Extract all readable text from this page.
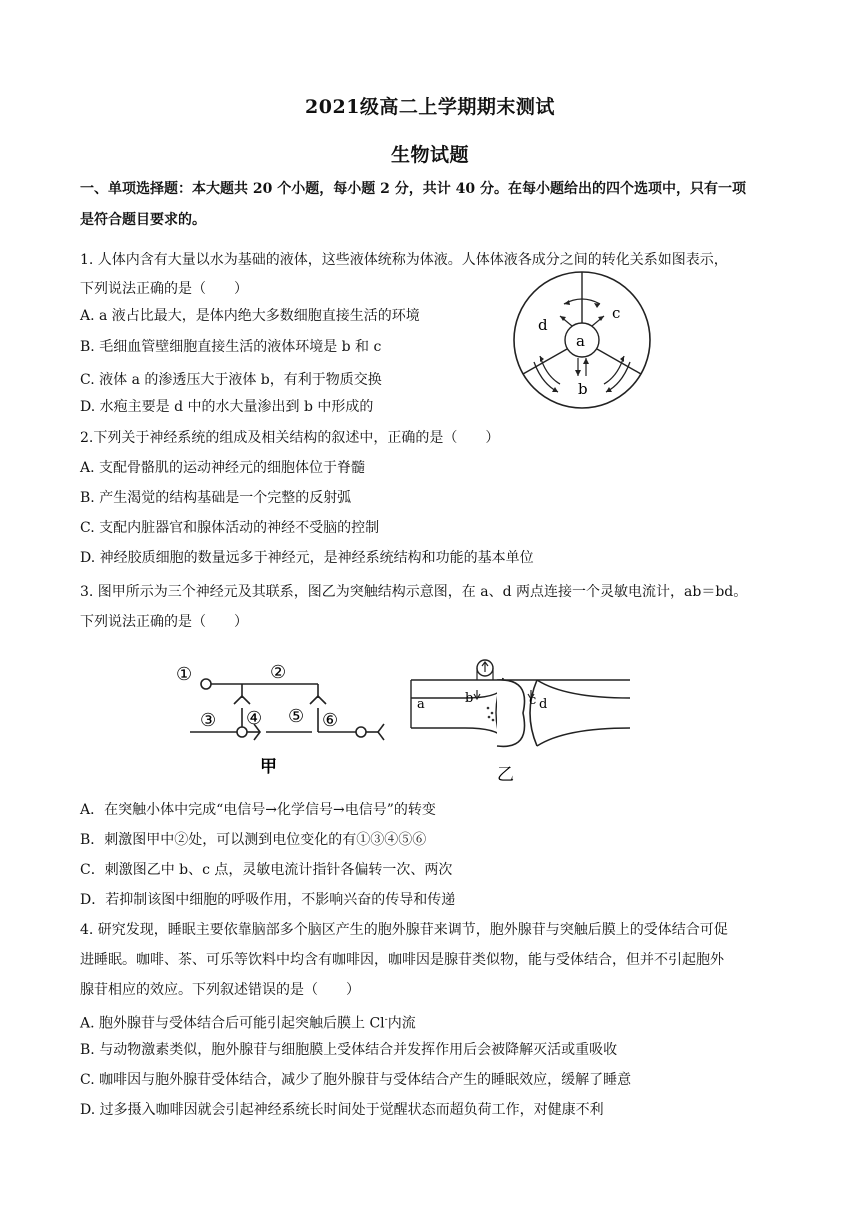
2021级高二上学期期末测试
生物试题
一、单项选择题：本大题共 20 个小题，每小题 2 分，共计 40 分。在每小题给出的四个选项中，只有一项
是符合题目要求的。
1. 人体内含有大量以水为基础的液体，这些液体统称为体液。人体体液各成分之间的转化关系如图表示，
下列说法正确的是（　　）
A. a 液占比最大，是体内绝大多数细胞直接生活的环境
B. 毛细血管壁细胞直接生活的液体环境是 b 和 c
C. 液体 a 的渗透压大于液体 b，有利于物质交换
D. 水疱主要是 d 中的水大量渗出到 b 中形成的
a
b
c
d
2.下列关于神经系统的组成及相关结构的叙述中，正确的是（　　）
A. 支配骨骼肌的运动神经元的细胞体位于脊髓
B. 产生渴觉的结构基础是一个完整的反射弧
C. 支配内脏器官和腺体活动的神经不受脑的控制
D. 神经胶质细胞的数量远多于神经元，是神经系统结构和功能的基本单位
3. 图甲所示为三个神经元及其联系，图乙为突触结构示意图，在 a、d 两点连接一个灵敏电流计，ab＝bd。
下列说法正确的是（　　）
①	②
③ ④ ⑤ ⑥
甲
a	b	c d
乙
A．在突触小体中完成“电信号→化学信号→电信号”的转变
B．刺激图甲中②处，可以测到电位变化的有①③④⑤⑥
C．刺激图乙中 b、c 点，灵敏电流计指针各偏转一次、两次
D．若抑制该图中细胞的呼吸作用，不影响兴奋的传导和传递
4. 研究发现，睡眠主要依靠脑部多个脑区产生的胞外腺苷来调节，胞外腺苷与突触后膜上的受体结合可促
进睡眠。咖啡、茶、可乐等饮料中均含有咖啡因，咖啡因是腺苷类似物，能与受体结合，但并不引起胞外
腺苷相应的效应。下列叙述错误的是（　　）
A. 胞外腺苷与受体结合后可能引起突触后膜上 Cl-内流
B. 与动物激素类似，胞外腺苷与细胞膜上受体结合并发挥作用后会被降解灭活或重吸收
C. 咖啡因与胞外腺苷受体结合，减少了胞外腺苷与受体结合产生的睡眠效应，缓解了睡意
D. 过多摄入咖啡因就会引起神经系统长时间处于觉醒状态而超负荷工作，对健康不利
